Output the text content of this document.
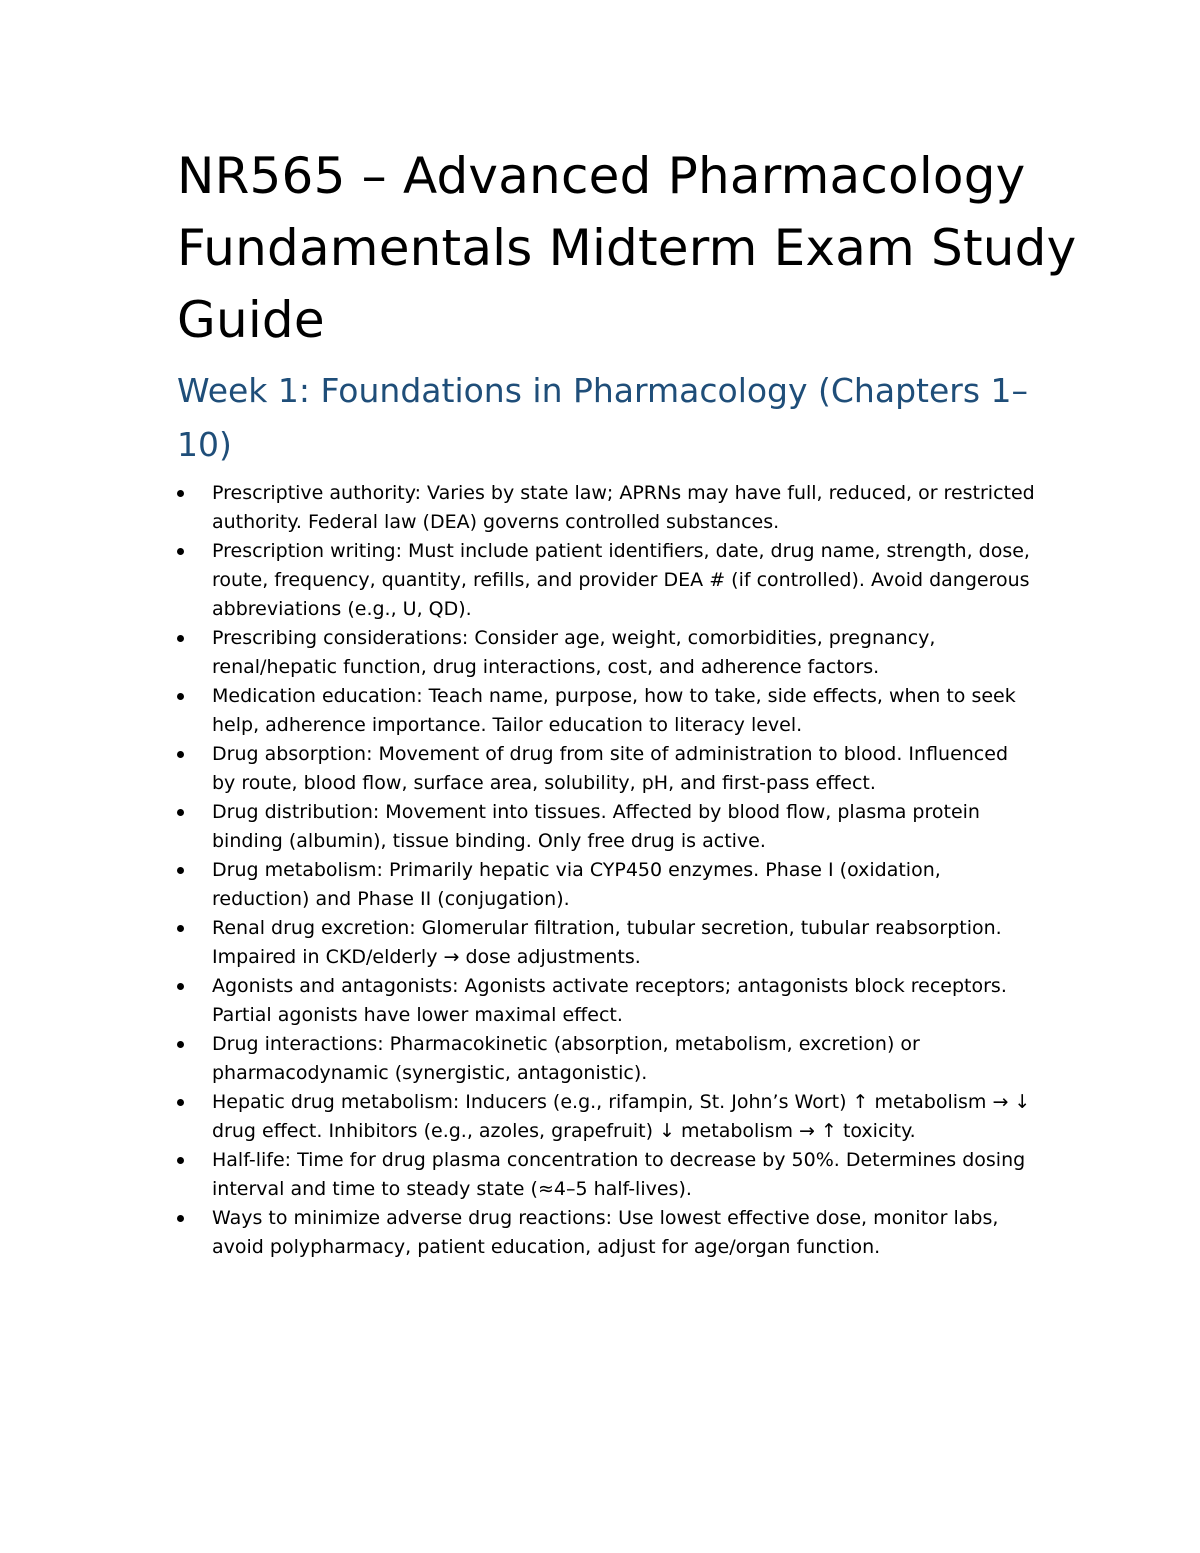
NR565 – Advanced Pharmacology Fundamentals Midterm Exam Study Guide
Week 1: Foundations in Pharmacology (Chapters 1–10)
Prescriptive authority: Varies by state law; APRNs may have full, reduced, or restricted authority. Federal law (DEA) governs controlled substances.
Prescription writing: Must include patient identifiers, date, drug name, strength, dose, route, frequency, quantity, refills, and provider DEA # (if controlled). Avoid dangerous abbreviations (e.g., U, QD).
Prescribing considerations: Consider age, weight, comorbidities, pregnancy, renal/hepatic function, drug interactions, cost, and adherence factors.
Medication education: Teach name, purpose, how to take, side effects, when to seek help, adherence importance. Tailor education to literacy level.
Drug absorption: Movement of drug from site of administration to blood. Influenced by route, blood flow, surface area, solubility, pH, and first-pass effect.
Drug distribution: Movement into tissues. Affected by blood flow, plasma protein binding (albumin), tissue binding. Only free drug is active.
Drug metabolism: Primarily hepatic via CYP450 enzymes. Phase I (oxidation, reduction) and Phase II (conjugation).
Renal drug excretion: Glomerular filtration, tubular secretion, tubular reabsorption. Impaired in CKD/elderly → dose adjustments.
Agonists and antagonists: Agonists activate receptors; antagonists block receptors. Partial agonists have lower maximal effect.
Drug interactions: Pharmacokinetic (absorption, metabolism, excretion) or pharmacodynamic (synergistic, antagonistic).
Hepatic drug metabolism: Inducers (e.g., rifampin, St. John’s Wort) ↑ metabolism → ↓ drug effect. Inhibitors (e.g., azoles, grapefruit) ↓ metabolism → ↑ toxicity.
Half-life: Time for drug plasma concentration to decrease by 50%. Determines dosing interval and time to steady state (≈4–5 half-lives).
Ways to minimize adverse drug reactions: Use lowest effective dose, monitor labs, avoid polypharmacy, patient education, adjust for age/organ function.
